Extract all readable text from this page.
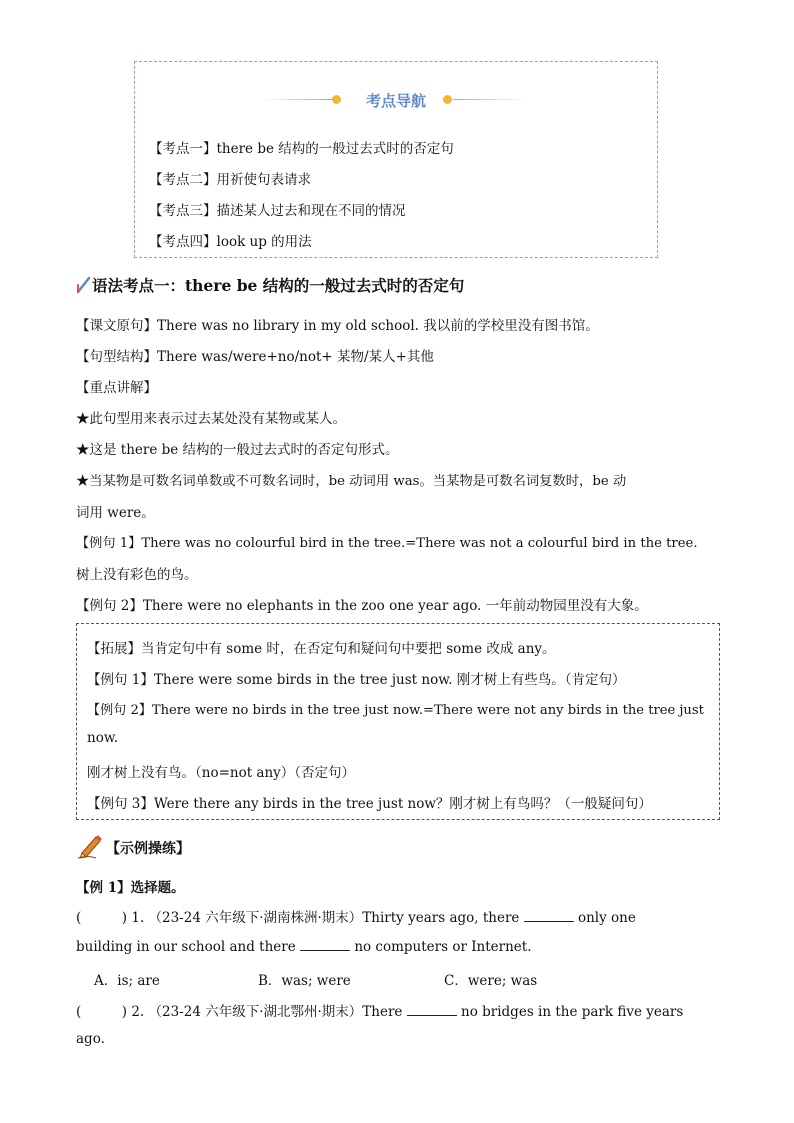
考点导航
【考点一】there be 结构的一般过去式时的否定句
【考点二】用祈使句表请求
【考点三】描述某人过去和现在不同的情况
【考点四】look up 的用法
语法考点一：there be 结构的一般过去式时的否定句
【课文原句】There was no library in my old school. 我以前的学校里没有图书馆。
【句型结构】There was/were+no/not+ 某物/某人+其他
【重点讲解】
★此句型用来表示过去某处没有某物或某人。
★这是 there be 结构的一般过去式时的否定句形式。
★当某物是可数名词单数或不可数名词时，be 动词用 was。当某物是可数名词复数时，be 动
词用 were。
【例句 1】There was no colourful bird in the tree.=There was not a colourful bird in the tree.
树上没有彩色的鸟。
【例句 2】There were no elephants in the zoo one year ago. 一年前动物园里没有大象。
【拓展】当肯定句中有 some 时，在否定句和疑问句中要把 some 改成 any。
【例句 1】There were some birds in the tree just now. 刚才树上有些鸟。（肯定句）
【例句 2】There were no birds in the tree just now.=There were not any birds in the tree just
now.
刚才树上没有鸟。（no=not any）（否定句）
【例句 3】Were there any birds in the tree just now？刚才树上有鸟吗？（一般疑问句）
【示例操练】
【例 1】选择题。
(　　　) 1. （23-24 六年级下·湖南株洲·期末）Thirty years ago, there	only one
building in our school and there	no computers or Internet.
A．is; are	B．was; were	C．were; was
(　　　) 2. （23-24 六年级下·湖北鄂州·期末）There	no bridges in the park five years
ago.
